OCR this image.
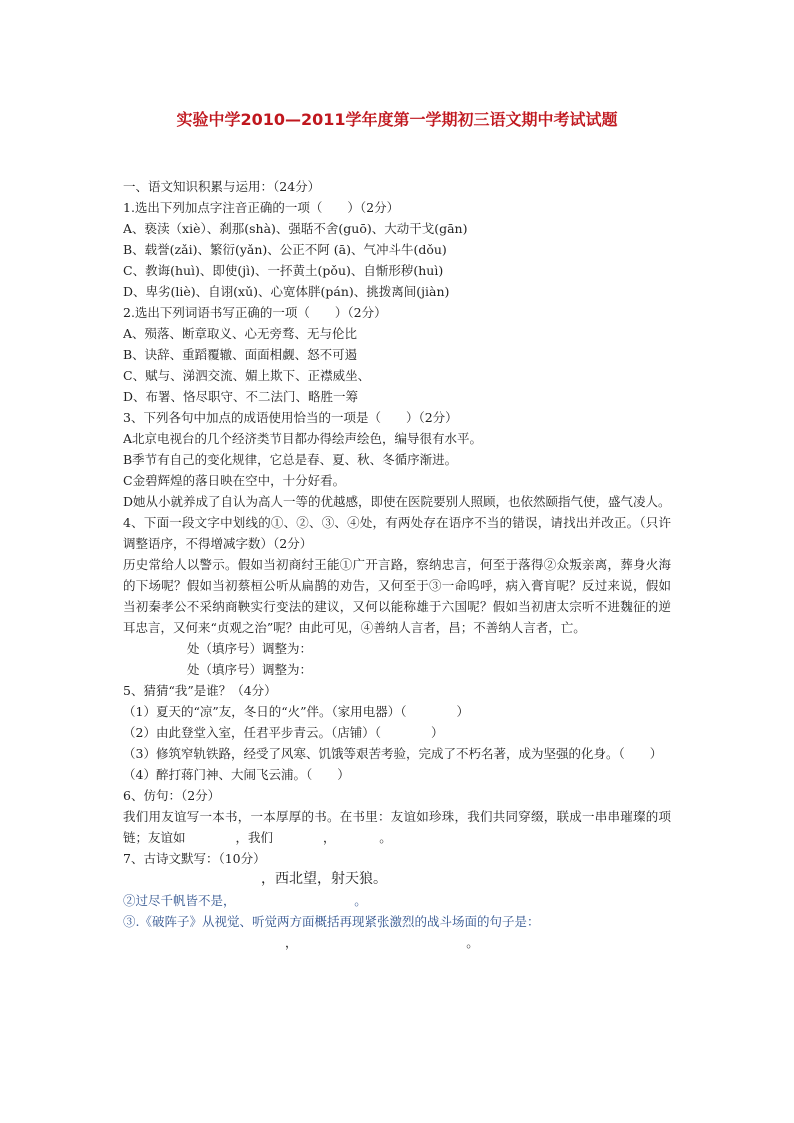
实验中学2010—2011学年度第一学期初三语文期中考试试题
一、语文知识积累与运用：（24分）
1.选出下列加点字注音正确的一项（　　）（2分）
A、亵渎（xiè）、刹那(shà)、强聒不舍(guō)、大动干戈(gān)
B、载誉(zǎi)、繁衍(yǎn)、公正不阿 (ā)、气冲斗牛(dǒu)
C、教诲(huì)、即使(jì)、一抔黄土(pǒu)、自惭形秽(huì)
D、卑劣(liè)、自诩(xǔ)、心宽体胖(pán)、挑拨离间(jiàn)
2.选出下列词语书写正确的一项（　　）（2分）
A、殒落、断章取义、心无旁骛、无与伦比
B、诀辞、重蹈覆辙、面面相觑、怒不可遏
C、赋与、涕泗交流、媚上欺下、正襟威坐、
D、布署、恪尽职守、不二法门、略胜一筹
3、下列各句中加点的成语使用恰当的一项是（　　）（2分）
A北京电视台的几个经济类节目都办得绘声绘色，编导很有水平。
B季节有自己的变化规律，它总是春、夏、秋、冬循序渐进。
C金碧辉煌的落日映在空中，十分好看。
D她从小就养成了自认为高人一等的优越感，即使在医院要别人照顾，也依然颐指气使，盛气凌人。
4、下面一段文字中划线的①、②、③、④处，有两处存在语序不当的错误，请找出并改正。（只许调整语序，不得增减字数）（2分）
历史常给人以警示。假如当初商纣王能①广开言路，察纳忠言，何至于落得②众叛亲离，葬身火海的下场呢？假如当初蔡桓公听从扁鹊的劝告，又何至于③一命呜呼，病入膏肓呢？反过来说，假如当初秦孝公不采纳商鞅实行变法的建议，又何以能称雄于六国呢？假如当初唐太宗听不进魏征的逆耳忠言，又何来“贞观之治”呢？由此可见，④善纳人言者，昌；不善纳人言者，亡。
处（填序号）调整为：
处（填序号）调整为：
5、猜猜“我”是谁？（4分）
（1）夏天的“凉”友，冬日的“火”伴。（家用电器）（　　　　）
（2）由此登堂入室，任君平步青云。（店铺）（　　　　）
（3）修筑窄轨铁路，经受了风寒、饥饿等艰苦考验，完成了不朽名著，成为坚强的化身。（　　）
（4）醉打蒋门神、大闹飞云浦。（　　）
6、仿句：（2分）
我们用友谊写一本书，一本厚厚的书。在书里：友谊如珍珠，我们共同穿缀，联成一串串璀璨的项链；友谊如　　　　，我们　　　　，　　　　。
7、古诗文默写：（10分）
，西北望，射天狼。
②过尽千帆皆不是，　　　　　　　　　　。
③.《破阵子》从视觉、听觉两方面概括再现紧张激烈的战斗场面的句子是：
，　　　　　　　　　　　　　　。
